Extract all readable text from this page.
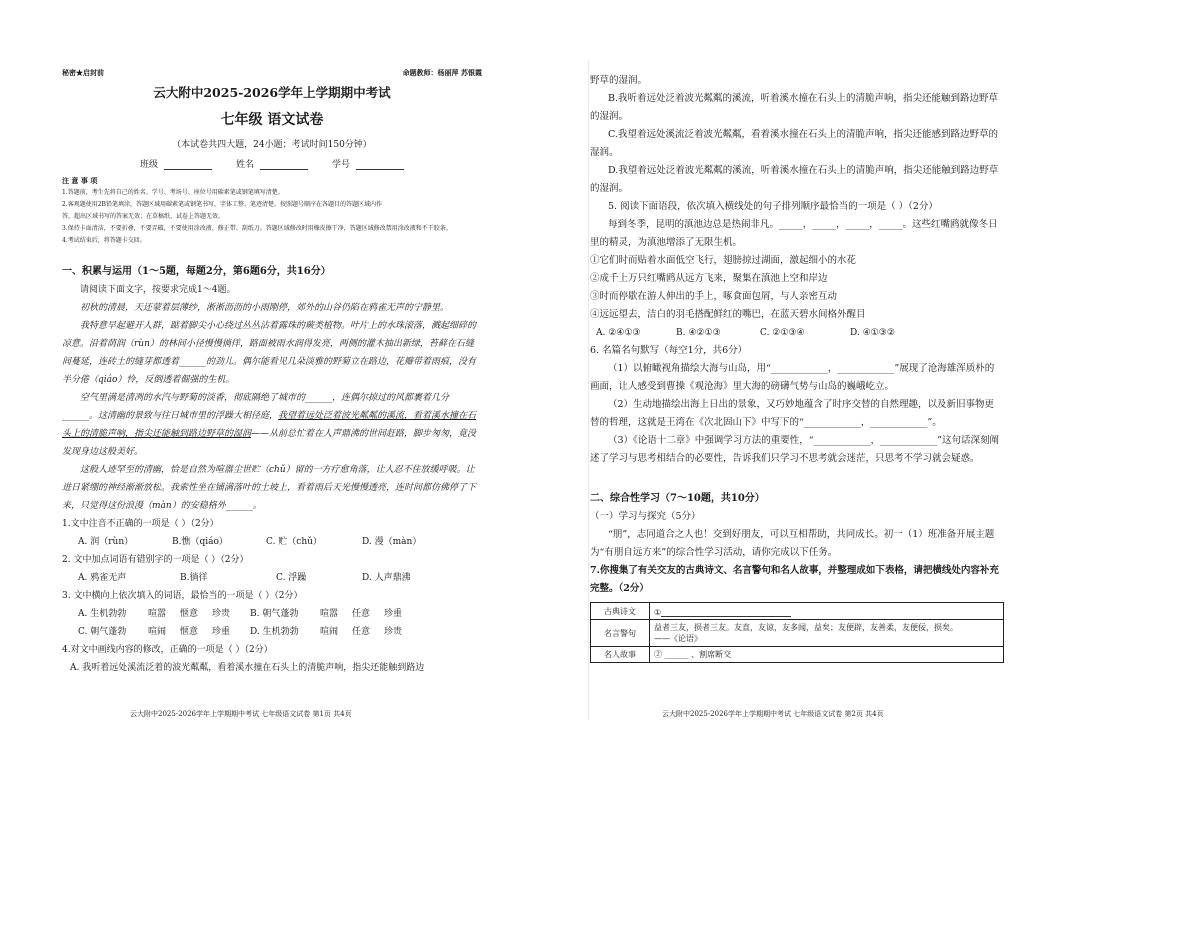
秘密★启封前	命题教师：杨丽萍 苏银霞
云大附中2025-2026学年上学期期中考试
七年级 语文试卷
（本试卷共四大题，24小题；考试时间150分钟）
班级	姓名	学号
注 意 事 项

1.答题前，考生先将自己的姓名、学号、考场号、座位号用碳素笔或钢笔填写清楚。

2.客观题使用2B铅笔填涂，答题区域用碳素笔或钢笔书写，字体工整、笔迹清楚。按照题号顺序在各题目的答题区域内作

答，超出区域书写的答案无效；在草稿纸、试卷上答题无效。

3.保持卡面清洁，不要折叠，不要弄破，不要使用涂改液、修正带、刮纸刀。答题区域修改时用橡皮擦干净，答题区域修改禁用涂改液和不干胶条。

4.考试结束后，将答题卡交回。

一、积累与运用（1～5题，每题2分，第6题6分，共16分）

请阅读下面文字，按要求完成1～4题。

初秋的清晨，天还蒙着层薄纱，淅淅沥沥的小雨刚停，郊外的山谷仍陷在鸦雀无声的宁静里。

我特意早起避开人群，踮着脚尖小心绕过丛丛沾着露珠的蕨类植物。叶片上的水珠滚落，溅起细碎的凉意。沿着荫润（rùn）的林间小径慢慢徜徉，路面被雨水润得发亮，两侧的灌木抽出新绿，苔藓在石缝间蔓延，连砖土的缝芽都透着______的劲儿。偶尔能看见几朵淡雅的野菊立在路边，花瓣带着雨痕，没有半分倦（qiáo）怜，反倒透着倔强的生机。

空气里满是清冽的水汽与野菊的淡香，彻底隔绝了城市的______，连偶尔掠过的风都裹着几分______。这清幽的景致与往日城市里的浮躁大相径庭，我望着远处泛着波光粼粼的溪流，看着溪水撞在石头上的清脆声响，指尖还能触到路边野草的湿润——从前总忙着在人声鼎沸的世间赶路，脚步匆匆，竟没发现身边这般美好。

这般人迹罕至的清幽，恰是自然为喧嚣尘世贮（chǔ）留的一方疗愈角落，让人忍不住放缓呼吸。让进日紧绷的神经渐渐放松。我索性坐在铺满落叶的土坡上，看着雨后天光慢慢透亮，连时间都仿佛停了下来，只觉得这份浪漫（màn）的安稳格外______。

1.文中注音不正确的一项是（ ）（2分）

A. 润（rùn）	B.憔（qiáo）	C. 贮（chǔ）	D. 漫（màn）

2. 文中加点词语有错别字的一项是（ ）（2分）

A. 鸦雀无声	B.徜徉	C. 浮躁	D. 人声鼎沸

3. 文中横向上依次填入的词语，最恰当的一项是（ ）（2分）

A. 生机勃勃	喧嚣	惬意	珍贵	B. 朝气蓬勃	喧嚣	任意	珍重
C. 朝气蓬勃	喧闹	惬意	珍重	D. 生机勃勃	喧闹	任意	珍贵

4.对文中画线内容的修改，正确的一项是（ ）（2分）

A. 我听着远处溪流泛着的波光粼粼，看着溪水撞在石头上的清脆声响，指尖还能触到路边

云大附中2025-2026学年上学期期中考试 七年级语文试卷 第1页 共4页

野草的湿润。

B.我听着远处泛着波光粼粼的溪流，听着溪水撞在石头上的清脆声响，指尖还能触到路边野草的湿润。

C.我望着远处溪流泛着波光粼粼，看着溪水撞在石头上的清脆声响，指尖还能感到路边野草的湿润。

D.我望着远处泛着波光粼粼的溪流，听着溪水撞在石头上的清脆声响，指尖还能触到路边野草的湿润。

5. 阅读下面语段，依次填入横线处的句子排列顺序最恰当的一项是（ ）（2分）

每到冬季，昆明的滇池边总是热闹非凡。_____，_____，_____，_____。这些红嘴鸥就像冬日里的精灵，为滇池增添了无限生机。

①它们时而贴着水面低空飞行，翅膀掠过湖面，激起细小的水花

②成千上万只红嘴鸥从远方飞来，聚集在滇池上空和岸边

③时而停歇在游人伸出的手上，啄食面包屑，与人亲密互动

④远远望去，洁白的羽毛搭配鲜红的嘴巴，在蓝天碧水间格外醒目

A. ②④①③	B. ④②①③	C. ②①③④	D. ④①③②

6. 名篇名句默写（每空1分，共6分）

（1）以俯瞰视角描绘大海与山岛，用“____________，____________”展现了沧海雄浑质朴的画面，让人感受到曹操《观沧海》里大海的磅礴气势与山岛的巍峨屹立。

（2）生动地描绘出海上日出的景象，又巧妙地蕴含了时序交替的自然理趣，以及新旧事物更替的哲理，这就是王湾在《次北固山下》中写下的“____________，____________”。

（3）《论语十二章》中强调学习方法的重要性，“____________，____________”这句话深刻阐述了学习与思考相结合的必要性，告诉我们只学习不思考就会迷茫，只思考不学习就会疑惑。

二、综合性学习（7～10题，共10分）

（一）学习与探究（5分）

“朋”，志同道合之人也！交到好朋友，可以互相帮助，共同成长。初一（1）班准备开展主题为“有朋自远方来”的综合性学习活动，请你完成以下任务。

7.你搜集了有关交友的古典诗文、名言警句和名人故事，并整理成如下表格，请把横线处内容补充完整。（2分）

古典诗文	①
名言警句	益者三友，损者三友。友直，友谅，友多闻，益矣；友便辟，友善柔，友便佞，损矣。
——《论语》

名人故事	② ______ 、割席断交
云大附中2025-2026学年上学期期中考试 七年级语文试卷 第2页 共4页
